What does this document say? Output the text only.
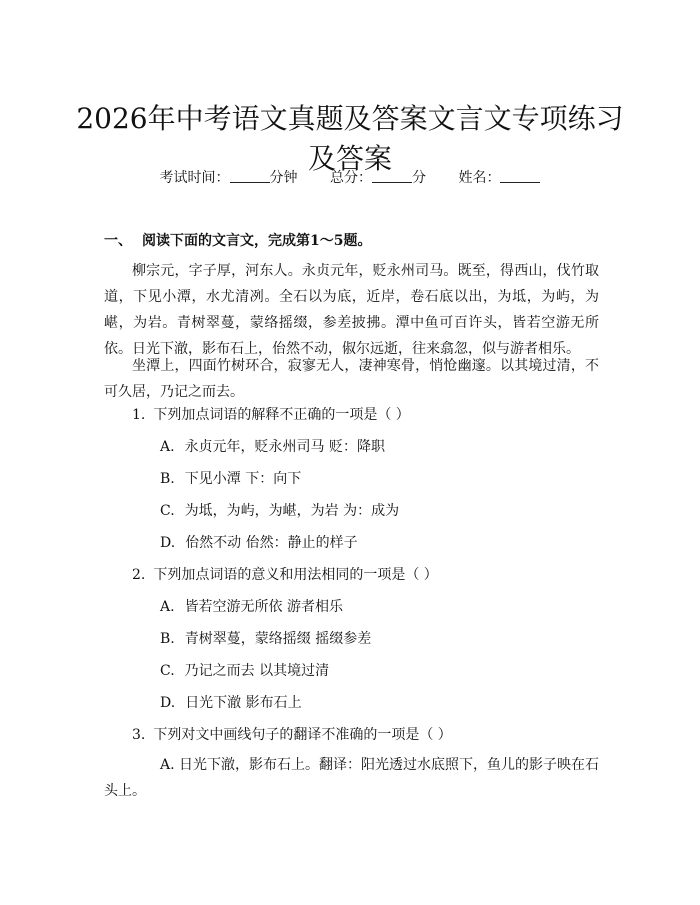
2026年中考语文真题及答案文言文专项练习
及答案
考试时间：	分钟 总分：	分 姓名：
一、 阅读下面的文言文，完成第1～5题。

柳宗元，字子厚，河东人。永贞元年，贬永州司马。既至，得西山，伐竹取道，下见小潭，水尤清冽。全石以为底，近岸，卷石底以出，为坻，为屿，为嵁，为岩。青树翠蔓，蒙络摇缀，参差披拂。潭中鱼可百许头，皆若空游无所依。日光下澈，影布石上，佁然不动，俶尔远逝，往来翕忽，似与游者相乐。

坐潭上，四面竹树环合，寂寥无人，凄神寒骨，悄怆幽邃。以其境过清，不可久居，乃记之而去。

1. 下列加点词语的解释不正确的一项是（ ）
A. 永贞元年，贬永州司马 贬：降职
B. 下见小潭 下：向下
C. 为坻，为屿，为嵁，为岩 为：成为
D. 佁然不动 佁然：静止的样子
2. 下列加点词语的意义和用法相同的一项是（ ）
A. 皆若空游无所依 游者相乐
B. 青树翠蔓，蒙络摇缀 摇缀参差
C. 乃记之而去 以其境过清
D. 日光下澈 影布石上
3. 下列对文中画线句子的翻译不准确的一项是（ ）

A. 日光下澈，影布石上。翻译：阳光透过水底照下，鱼儿的影子映在石头上。
